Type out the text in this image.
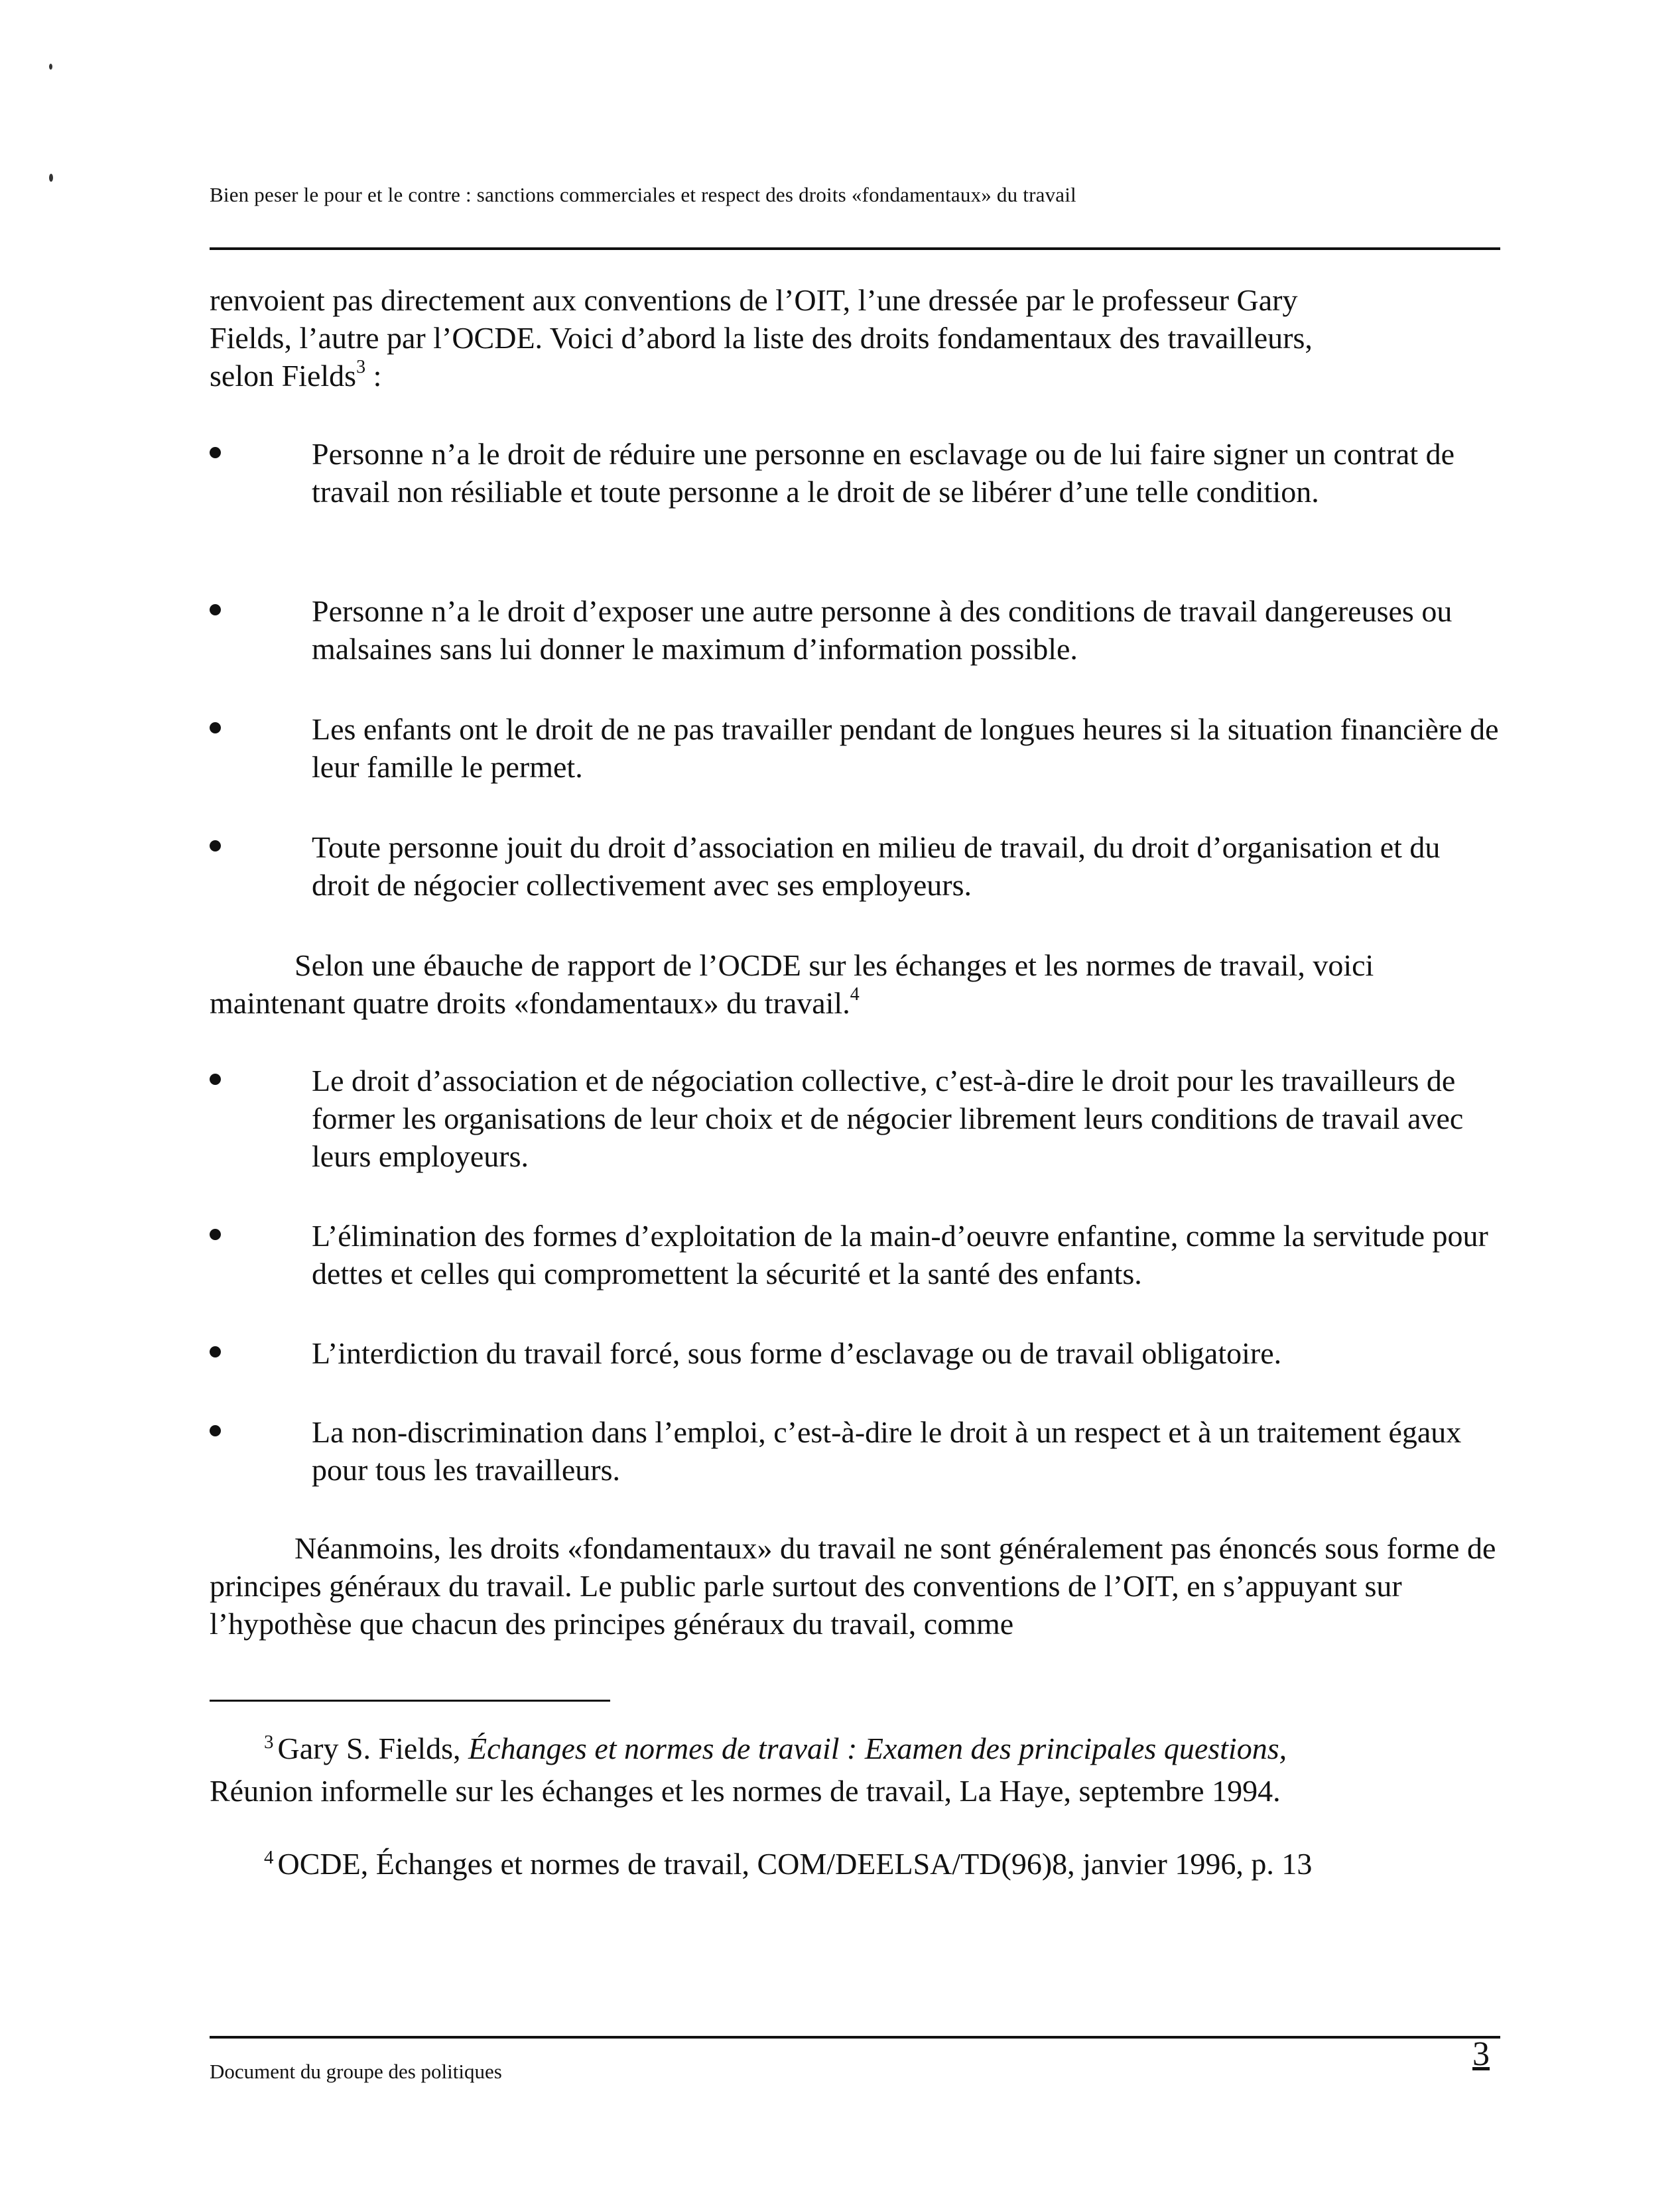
Bien peser le pour et le contre : sanctions commerciales et respect des droits «fondamentaux» du travail
renvoient pas directement aux conventions de l’OIT, l’une dressée par le professeur Gary
Fields, l’autre par l’OCDE. Voici d’abord la liste des droits fondamentaux des travailleurs,
selon Fields$^3$ :
Personne n’a le droit de réduire une personne en esclavage ou de lui faire signer un contrat de travail non résiliable et toute personne a le droit de se libérer d’une telle condition.
Personne n’a le droit d’exposer une autre personne à des conditions de travail dangereuses ou malsaines sans lui donner le maximum d’information possible.
Les enfants ont le droit de ne pas travailler pendant de longues heures si la situation financière de leur famille le permet.
Toute personne jouit du droit d’association en milieu de travail, du droit d’organisation et du droit de négocier collectivement avec ses employeurs.
Selon une ébauche de rapport de l’OCDE sur les échanges et les normes de travail, voici maintenant quatre droits «fondamentaux» du travail.$^4$
Le droit d’association et de négociation collective, c’est-à-dire le droit pour les travailleurs de former les organisations de leur choix et de négocier librement leurs conditions de travail avec leurs employeurs.
L’élimination des formes d’exploitation de la main-d’oeuvre enfantine, comme la servitude pour dettes et celles qui compromettent la sécurité et la santé des enfants.
L’interdiction du travail forcé, sous forme d’esclavage ou de travail obligatoire.
La non-discrimination dans l’emploi, c’est-à-dire le droit à un respect et à un traitement égaux pour tous les travailleurs.
Néanmoins, les droits «fondamentaux» du travail ne sont généralement pas énoncés sous forme de principes généraux du travail. Le public parle surtout des conventions de l’OIT, en s’appuyant sur l’hypothèse que chacun des principes généraux du travail, comme
$^3$ Gary S. Fields, Échanges et normes de travail : Examen des principales questions,
Réunion informelle sur les échanges et les normes de travail, La Haye, septembre 1994.
$^4$ OCDE, Échanges et normes de travail, COM/DEELSA/TD(96)8, janvier 1996, p. 13
Document du groupe des politiques	3
